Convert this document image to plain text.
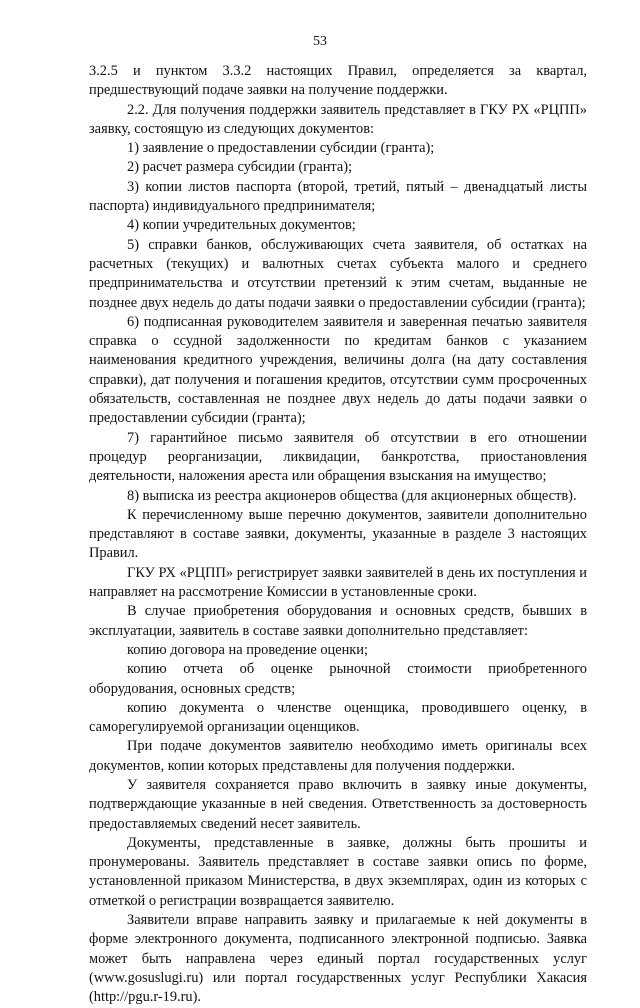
53

3.2.5 и пунктом 3.3.2 настоящих Правил, определяется за квартал, предшествующий подаче заявки на получение поддержки.

2.2. Для получения поддержки заявитель представляет в ГКУ РХ «РЦПП» заявку, состоящую из следующих документов:

1) заявление о предоставлении субсидии (гранта);

2) расчет размера субсидии (гранта);

3) копии листов паспорта (второй, третий, пятый – двенадцатый листы паспорта) индивидуального предпринимателя;

4) копии учредительных документов;

5) справки банков, обслуживающих счета заявителя, об остатках на расчетных (текущих) и валютных счетах субъекта малого и среднего предпринимательства и отсутствии претензий к этим счетам, выданные не позднее двух недель до даты подачи заявки о предоставлении субсидии (гранта);

6) подписанная руководителем заявителя и заверенная печатью заявителя справка о ссудной задолженности по кредитам банков с указанием наименования кредитного учреждения, величины долга (на дату составления справки), дат получения и погашения кредитов, отсутствии сумм просроченных обязательств, составленная не позднее двух недель до даты подачи заявки о предоставлении субсидии (гранта);

7) гарантийное письмо заявителя об отсутствии в его отношении процедур реорганизации, ликвидации, банкротства, приостановления деятельности, наложения ареста или обращения взыскания на имущество;

8) выписка из реестра акционеров общества (для акционерных обществ).

К перечисленному выше перечню документов, заявители дополнительно представляют в составе заявки, документы, указанные в разделе 3 настоящих Правил.

ГКУ РХ «РЦПП» регистрирует заявки заявителей в день их поступления и направляет на рассмотрение Комиссии в установленные сроки.

В случае приобретения оборудования и основных средств, бывших в эксплуатации, заявитель в составе заявки дополнительно представляет:

копию договора на проведение оценки;

копию отчета об оценке рыночной стоимости приобретенного оборудования, основных средств;

копию документа о членстве оценщика, проводившего оценку, в саморегулируемой организации оценщиков.

При подаче документов заявителю необходимо иметь оригиналы всех документов, копии которых представлены для получения поддержки.

У заявителя сохраняется право включить в заявку иные документы, подтверждающие указанные в ней сведения. Ответственность за достоверность предоставляемых сведений несет заявитель.

Документы, представленные в заявке, должны быть прошиты и пронумерованы. Заявитель представляет в составе заявки опись по форме, установленной приказом Министерства, в двух экземплярах, один из которых с отметкой о регистрации возвращается заявителю.

Заявители вправе направить заявку и прилагаемые к ней документы в форме электронного документа, подписанного электронной подписью. Заявка может быть направлена через единый портал государственных услуг (www.gosuslugi.ru) или портал государственных услуг Республики Хакасия (http://pgu.r-19.ru).
